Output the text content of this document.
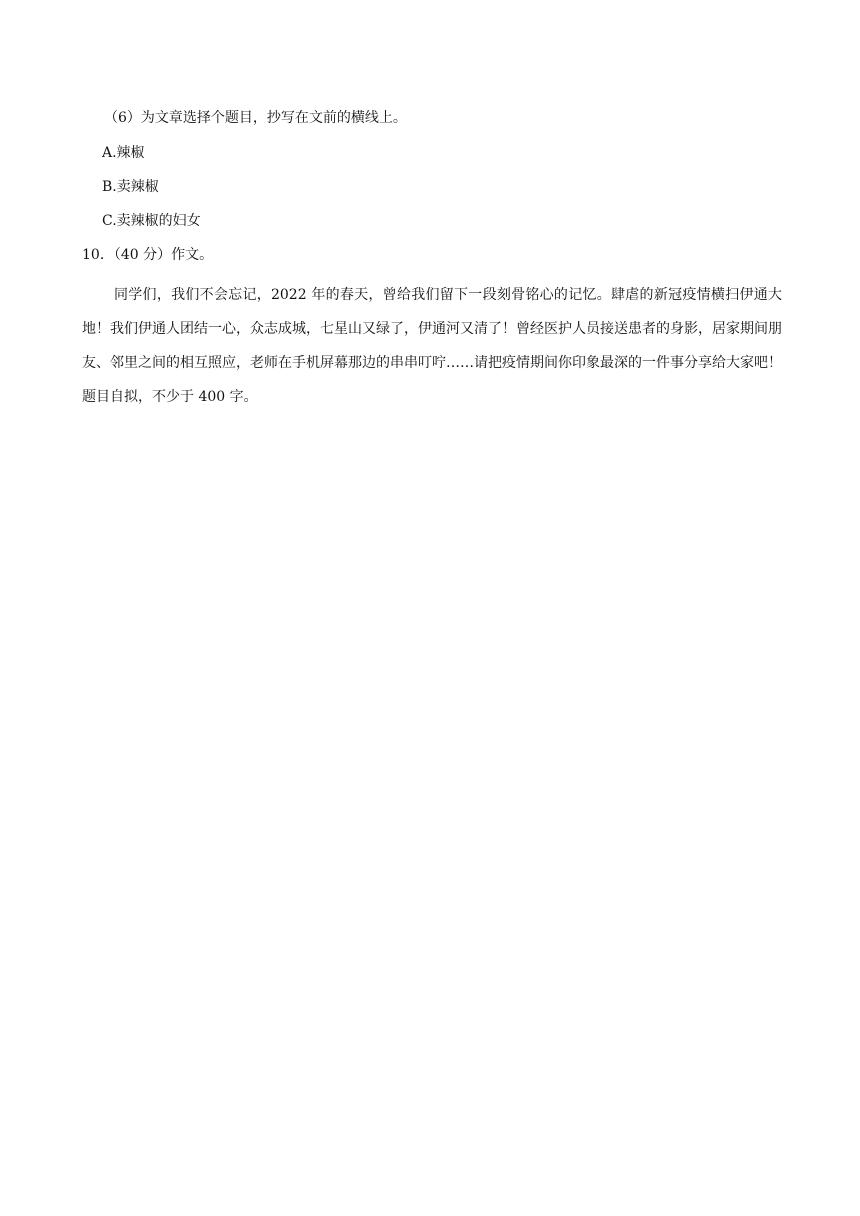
（6）为文章选择个题目，抄写在文前的横线上。
A.辣椒
B.卖辣椒
C.卖辣椒的妇女
10．（40 分）作文。
同学们，我们不会忘记，2022 年的春天，曾给我们留下一段刻骨铭心的记忆。肆虐的新冠疫情横扫伊通大地！我们伊通人团结一心，众志成城，七星山又绿了，伊通河又清了！曾经医护人员接送患者的身影，居家期间朋友、邻里之间的相互照应，老师在手机屏幕那边的串串叮咛……请把疫情期间你印象最深的一件事分享给大家吧！题目自拟，不少于 400 字。
